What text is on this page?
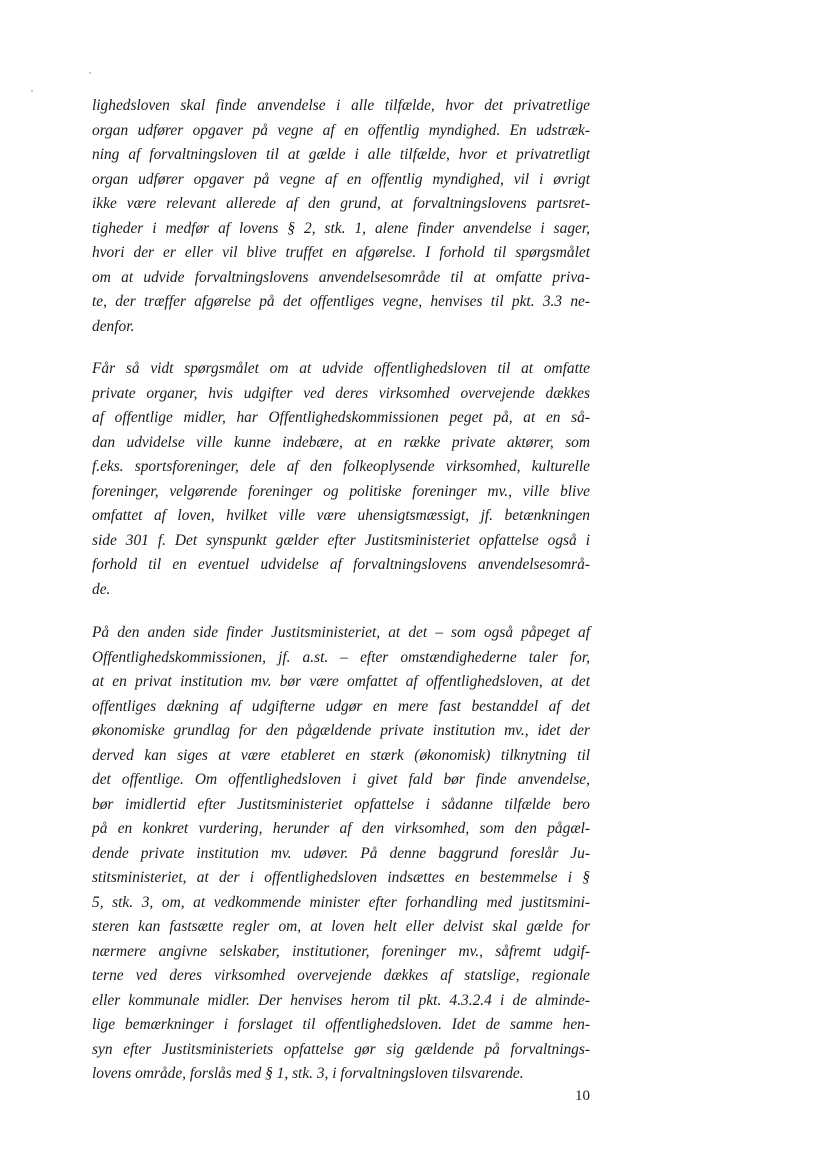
lighedsloven skal finde anvendelse i alle tilfælde, hvor det privatretlige
organ udfører opgaver på vegne af en offentlig myndighed. En udstræk-
ning af forvaltningsloven til at gælde i alle tilfælde, hvor et privatretligt
organ udfører opgaver på vegne af en offentlig myndighed, vil i øvrigt
ikke være relevant allerede af den grund, at forvaltningslovens partsret-
tigheder i medfør af lovens § 2, stk. 1, alene finder anvendelse i sager,
hvori der er eller vil blive truffet en afgørelse. I forhold til spørgsmålet
om at udvide forvaltningslovens anvendelsesområde til at omfatte priva-
te, der træffer afgørelse på det offentliges vegne, henvises til pkt. 3.3 ne-
denfor.
Får så vidt spørgsmålet om at udvide offentlighedsloven til at omfatte
private organer, hvis udgifter ved deres virksomhed overvejende dækkes
af offentlige midler, har Offentlighedskommissionen peget på, at en så-
dan udvidelse ville kunne indebære, at en række private aktører, som
f.eks. sportsforeninger, dele af den folkeoplysende virksomhed, kulturelle
foreninger, velgørende foreninger og politiske foreninger mv., ville blive
omfattet af loven, hvilket ville være uhensigtsmæssigt, jf. betænkningen
side 301 f. Det synspunkt gælder efter Justitsministeriet opfattelse også i
forhold til en eventuel udvidelse af forvaltningslovens anvendelsesområ-
de.
På den anden side finder Justitsministeriet, at det – som også påpeget af
Offentlighedskommissionen, jf. a.st. – efter omstændighederne taler for,
at en privat institution mv. bør være omfattet af offentlighedsloven, at det
offentliges dækning af udgifterne udgør en mere fast bestanddel af det
økonomiske grundlag for den pågældende private institution mv., idet der
derved kan siges at være etableret en stærk (økonomisk) tilknytning til
det offentlige. Om offentlighedsloven i givet fald bør finde anvendelse,
bør imidlertid efter Justitsministeriet opfattelse i sådanne tilfælde bero
på en konkret vurdering, herunder af den virksomhed, som den pågæl-
dende private institution mv. udøver. På denne baggrund foreslår Ju-
stitsministeriet, at der i offentlighedsloven indsættes en bestemmelse i §
5, stk. 3, om, at vedkommende minister efter forhandling med justitsmini-
steren kan fastsætte regler om, at loven helt eller delvist skal gælde for
nærmere angivne selskaber, institutioner, foreninger mv., såfremt udgif-
terne ved deres virksomhed overvejende dækkes af statslige, regionale
eller kommunale midler. Der henvises herom til pkt. 4.3.2.4 i de alminde-
lige bemærkninger i forslaget til offentlighedsloven. Idet de samme hen-
syn efter Justitsministeriets opfattelse gør sig gældende på forvaltnings-
lovens område, forslås med § 1, stk. 3, i forvaltningsloven tilsvarende.
10
